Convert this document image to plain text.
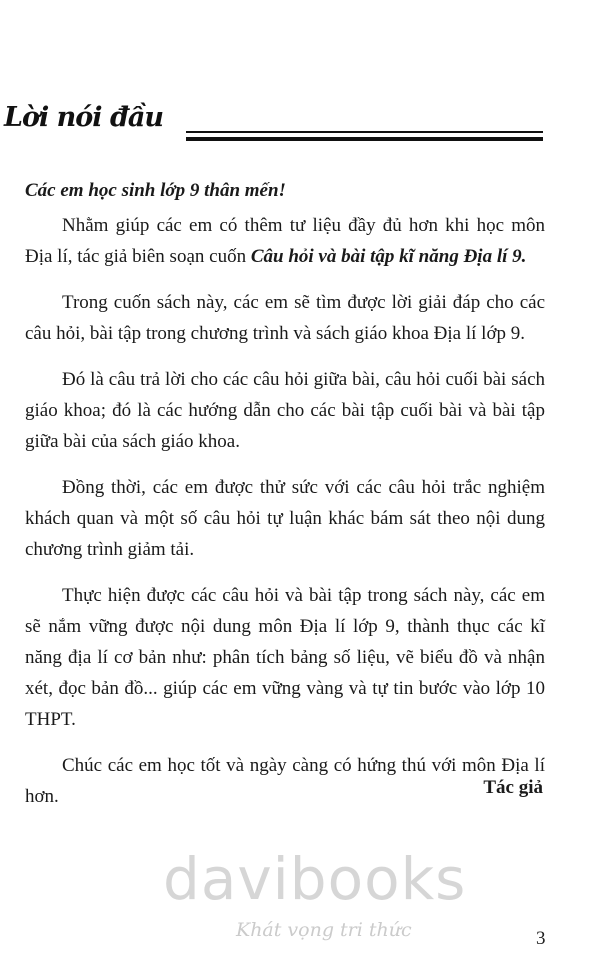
Lời nói đầu

Các em học sinh lớp 9 thân mến!

Nhằm giúp các em có thêm tư liệu đầy đủ hơn khi học môn Địa lí, tác giả biên soạn cuốn Câu hỏi và bài tập kĩ năng Địa lí 9.

Trong cuốn sách này, các em sẽ tìm được lời giải đáp cho các câu hỏi, bài tập trong chương trình và sách giáo khoa Địa lí lớp 9.

Đó là câu trả lời cho các câu hỏi giữa bài, câu hỏi cuối bài sách giáo khoa; đó là các hướng dẫn cho các bài tập cuối bài và bài tập giữa bài của sách giáo khoa.

Đồng thời, các em được thử sức với các câu hỏi trắc nghiệm khách quan và một số câu hỏi tự luận khác bám sát theo nội dung chương trình giảm tải.

Thực hiện được các câu hỏi và bài tập trong sách này, các em sẽ nắm vững được nội dung môn Địa lí lớp 9, thành thục các kĩ năng địa lí cơ bản như: phân tích bảng số liệu, vẽ biểu đồ và nhận xét, đọc bản đồ... giúp các em vững vàng và tự tin bước vào lớp 10 THPT.

Chúc các em học tốt và ngày càng có hứng thú với môn Địa lí hơn.	Tác giả

davibooks
Khát vọng tri thức	3
